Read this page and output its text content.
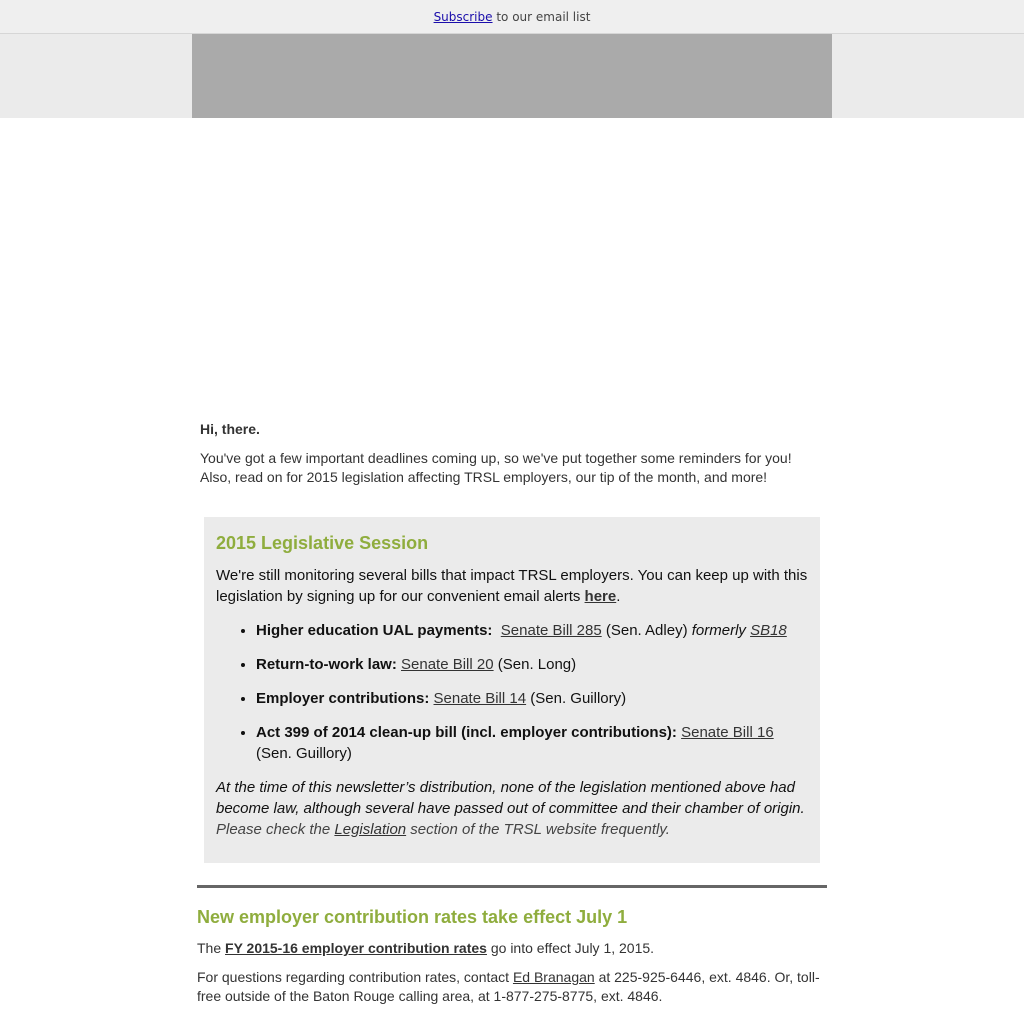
Subscribe to our email list

Hi, there.

You've got a few important deadlines coming up, so we've put together some reminders for you! Also, read on for 2015 legislation affecting TRSL employers, our tip of the month, and more!

2015 Legislative Session

We're still monitoring several bills that impact TRSL employers. You can keep up with this legislation by signing up for our convenient email alerts here.

• Higher education UAL payments: Senate Bill 285 (Sen. Adley) formerly SB18
• Return-to-work law: Senate Bill 20 (Sen. Long)
• Employer contributions: Senate Bill 14 (Sen. Guillory)
• Act 399 of 2014 clean-up bill (incl. employer contributions): Senate Bill 16 (Sen. Guillory)

At the time of this newsletter’s distribution, none of the legislation mentioned above had become law, although several have passed out of committee and their chamber of origin.
Please check the Legislation section of the TRSL website frequently.

New employer contribution rates take effect July 1

The FY 2015-16 employer contribution rates go into effect July 1, 2015.

For questions regarding contribution rates, contact Ed Branagan at 225-925-6446, ext. 4846. Or, toll-free outside of the Baton Rouge calling area, at 1-877-275-8775, ext. 4846.
